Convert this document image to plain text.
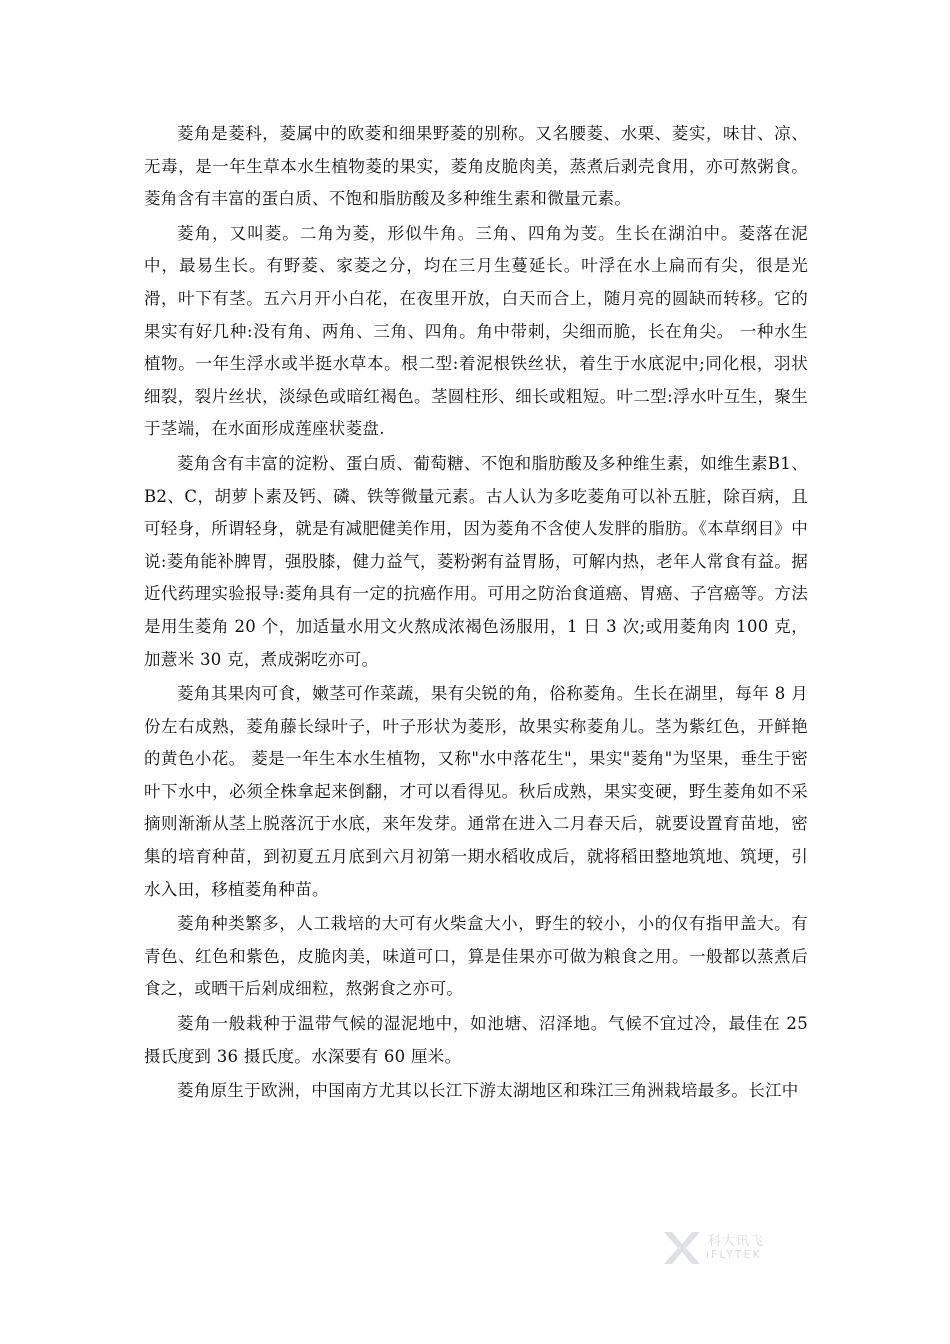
菱角是菱科，菱属中的欧菱和细果野菱的别称。又名腰菱、水栗、菱实，味甘、凉、无毒，是一年生草本水生植物菱的果实，菱角皮脆肉美，蒸煮后剥壳食用，亦可熬粥食。菱角含有丰富的蛋白质、不饱和脂肪酸及多种维生素和微量元素。

菱角，又叫菱。二角为菱，形似牛角。三角、四角为芰。生长在湖泊中。菱落在泥中，最易生长。有野菱、家菱之分，均在三月生蔓延长。叶浮在水上扁而有尖，很是光滑，叶下有茎。五六月开小白花，在夜里开放，白天而合上，随月亮的圆缺而转移。它的果实有好几种:没有角、两角、三角、四角。角中带刺，尖细而脆，长在角尖。 一种水生植物。一年生浮水或半挺水草本。根二型:着泥根铁丝状，着生于水底泥中;同化根，羽状细裂，裂片丝状，淡绿色或暗红褐色。茎圆柱形、细长或粗短。叶二型:浮水叶互生，聚生于茎端，在水面形成莲座状菱盘.

菱角含有丰富的淀粉、蛋白质、葡萄糖、不饱和脂肪酸及多种维生素，如维生素B1、B2、C，胡萝卜素及钙、磷、铁等微量元素。古人认为多吃菱角可以补五脏，除百病，且可轻身，所谓轻身，就是有减肥健美作用，因为菱角不含使人发胖的脂肪。《本草纲目》中说:菱角能补脾胃，强股膝，健力益气，菱粉粥有益胃肠，可解内热，老年人常食有益。据近代药理实验报导:菱角具有一定的抗癌作用。可用之防治食道癌、胃癌、子宫癌等。方法是用生菱角 20 个，加适量水用文火熬成浓褐色汤服用，1 日 3 次;或用菱角肉 100 克，加薏米 30 克，煮成粥吃亦可。

菱角其果肉可食，嫩茎可作菜蔬，果有尖锐的角，俗称菱角。生长在湖里，每年 8 月份左右成熟，菱角藤长绿叶子，叶子形状为菱形，故果实称菱角儿。茎为紫红色，开鲜艳的黄色小花。 菱是一年生本水生植物，又称"水中落花生"，果实"菱角"为坚果，垂生于密叶下水中，必须全株拿起来倒翻，才可以看得见。秋后成熟，果实变硬，野生菱角如不采摘则渐渐从茎上脱落沉于水底，来年发芽。通常在进入二月春天后，就要设置育苗地，密集的培育种苗，到初夏五月底到六月初第一期水稻收成后，就将稻田整地筑地、筑埂，引水入田，移植菱角种苗。

菱角种类繁多，人工栽培的大可有火柴盒大小，野生的较小，小的仅有指甲盖大。有青色、红色和紫色，皮脆肉美，味道可口，算是佳果亦可做为粮食之用。一般都以蒸煮后食之，或晒干后剁成细粒，熬粥食之亦可。

菱角一般栽种于温带气候的湿泥地中，如池塘、沼泽地。气候不宜过冷，最佳在 25 摄氏度到 36 摄氏度。水深要有 60 厘米。

菱角原生于欧洲，中国南方尤其以长江下游太湖地区和珠江三角洲栽培最多。长江中

科大讯飞
iFLYTEK
